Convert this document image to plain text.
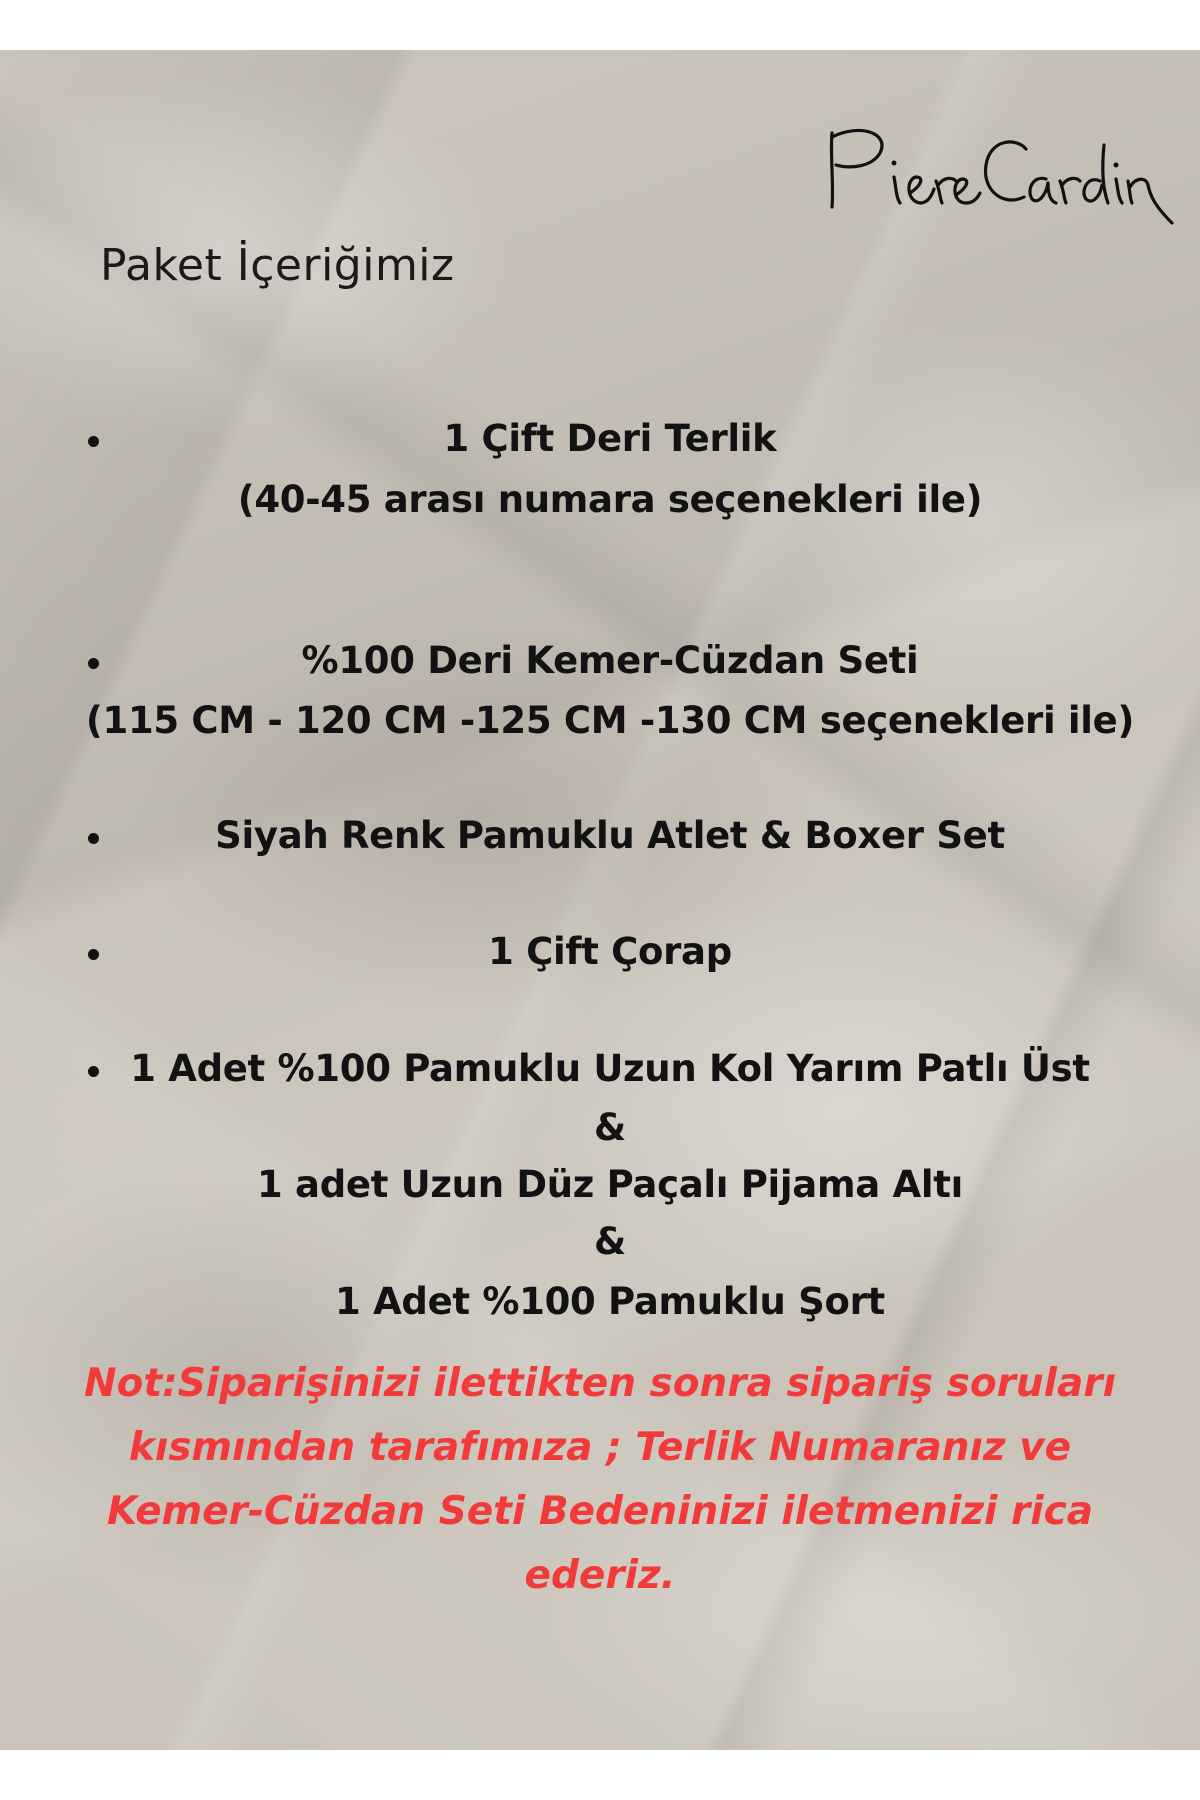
Paket İçeriğimiz
1 Çift Deri Terlik
(40-45 arası numara seçenekleri ile)
%100 Deri Kemer-Cüzdan Seti
(115 CM - 120 CM -125 CM -130 CM seçenekleri ile)
Siyah Renk Pamuklu Atlet & Boxer Set
1 Çift Çorap
1 Adet %100 Pamuklu Uzun Kol Yarım Patlı Üst
&
1 adet Uzun Düz Paçalı Pijama Altı
&
1 Adet %100 Pamuklu Şort

Not:Siparişinizi ilettikten sonra sipariş soruları kısmından tarafımıza ; Terlik Numaranız ve Kemer-Cüzdan Seti Bedeninizi iletmenizi rica ederiz.
